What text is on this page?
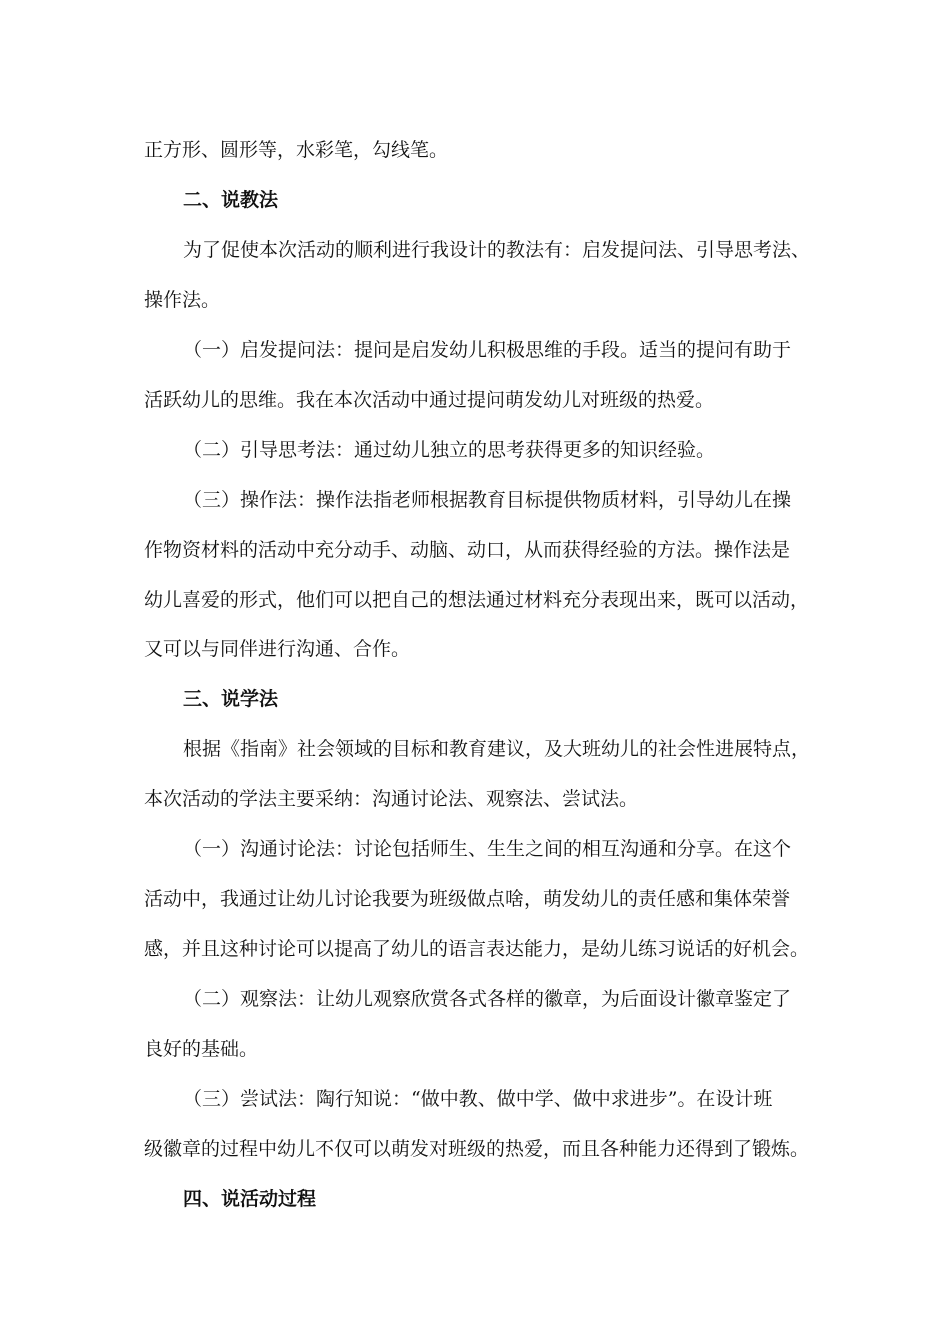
正方形、圆形等，水彩笔，勾线笔。

二、说教法

为了促使本次活动的顺利进行我设计的教法有：启发提问法、引导思考法、

操作法。

（一）启发提问法：提问是启发幼儿积极思维的手段。适当的提问有助于

活跃幼儿的思维。我在本次活动中通过提问萌发幼儿对班级的热爱。

（二）引导思考法：通过幼儿独立的思考获得更多的知识经验。

（三）操作法：操作法指老师根据教育目标提供物质材料，引导幼儿在操

作物资材料的活动中充分动手、动脑、动口，从而获得经验的方法。操作法是

幼儿喜爱的形式，他们可以把自己的想法通过材料充分表现出来，既可以活动，

又可以与同伴进行沟通、合作。

三、说学法

根据《指南》社会领域的目标和教育建议，及大班幼儿的社会性进展特点，

本次活动的学法主要采纳：沟通讨论法、观察法、尝试法。

（一）沟通讨论法：讨论包括师生、生生之间的相互沟通和分享。在这个

活动中，我通过让幼儿讨论我要为班级做点啥，萌发幼儿的责任感和集体荣誉

感，并且这种讨论可以提高了幼儿的语言表达能力，是幼儿练习说话的好机会。

（二）观察法：让幼儿观察欣赏各式各样的徽章，为后面设计徽章鉴定了

良好的基础。

（三）尝试法：陶行知说：“做中教、做中学、做中求进步”。在设计班

级徽章的过程中幼儿不仅可以萌发对班级的热爱，而且各种能力还得到了锻炼。

四、说活动过程
